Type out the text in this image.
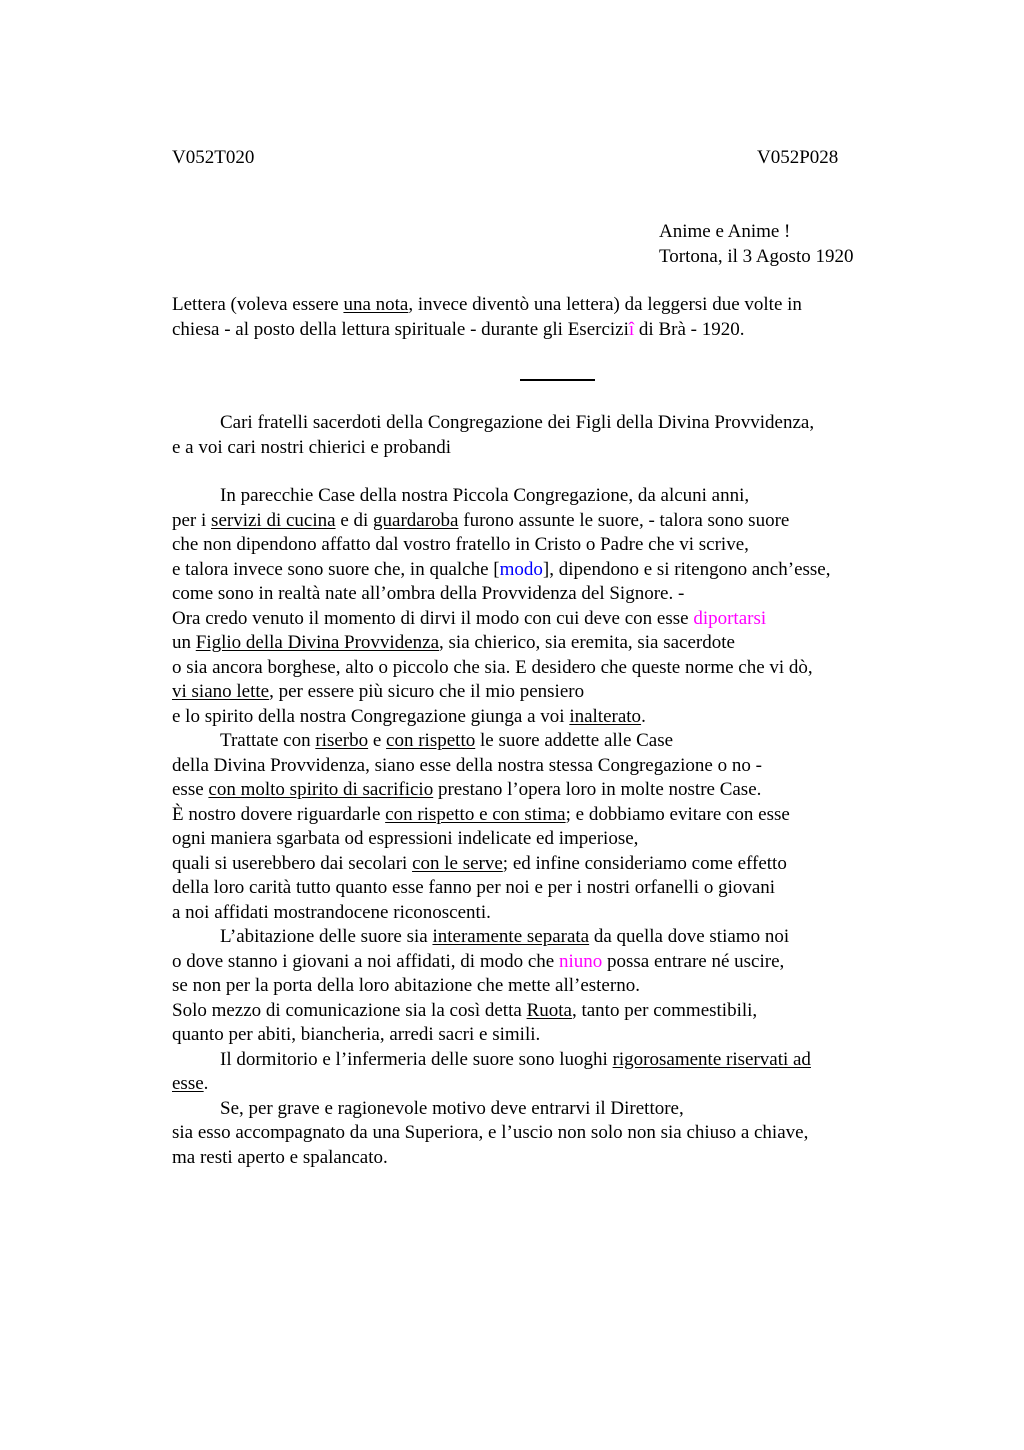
V052T020	V052P028
Anime e Anime !
Tortona, il 3 Agosto 1920
Lettera (voleva essere una nota, invece diventò una lettera) da leggersi due volte in
chiesa - al posto della lettura spirituale - durante gli Eserciziî di Brà - 1920.
Cari fratelli sacerdoti della Congregazione dei Figli della Divina Provvidenza,
e a voi cari nostri chierici e probandi
In parecchie Case della nostra Piccola Congregazione, da alcuni anni,
per i servizi di cucina e di guardaroba furono assunte le suore, - talora sono suore
che non dipendono affatto dal vostro fratello in Cristo o Padre che vi scrive,
e talora invece sono suore che, in qualche [modo], dipendono e si ritengono anch’esse,
come sono in realtà nate all’ombra della Provvidenza del Signore. -
Ora credo venuto il momento di dirvi il modo con cui deve con esse diportarsi
un Figlio della Divina Provvidenza, sia chierico, sia eremita, sia sacerdote
o sia ancora borghese, alto o piccolo che sia. E desidero che queste norme che vi dò,
vi siano lette, per essere più sicuro che il mio pensiero
e lo spirito della nostra Congregazione giunga a voi inalterato.
Trattate con riserbo e con rispetto le suore addette alle Case
della Divina Provvidenza, siano esse della nostra stessa Congregazione o no -
esse con molto spirito di sacrificio prestano l’opera loro in molte nostre Case.
È nostro dovere riguardarle con rispetto e con stima; e dobbiamo evitare con esse
ogni maniera sgarbata od espressioni indelicate ed imperiose,
quali si userebbero dai secolari con le serve; ed infine consideriamo come effetto
della loro carità tutto quanto esse fanno per noi e per i nostri orfanelli o giovani
a noi affidati mostrandocene riconoscenti.
L’abitazione delle suore sia interamente separata da quella dove stiamo noi
o dove stanno i giovani a noi affidati, di modo che niuno possa entrare né uscire,
se non per la porta della loro abitazione che mette all’esterno.
Solo mezzo di comunicazione sia la così detta Ruota, tanto per commestibili,
quanto per abiti, biancheria, arredi sacri e simili.
Il dormitorio e l’infermeria delle suore sono luoghi rigorosamente riservati ad
esse.
Se, per grave e ragionevole motivo deve entrarvi il Direttore,
sia esso accompagnato da una Superiora, e l’uscio non solo non sia chiuso a chiave,
ma resti aperto e spalancato.
